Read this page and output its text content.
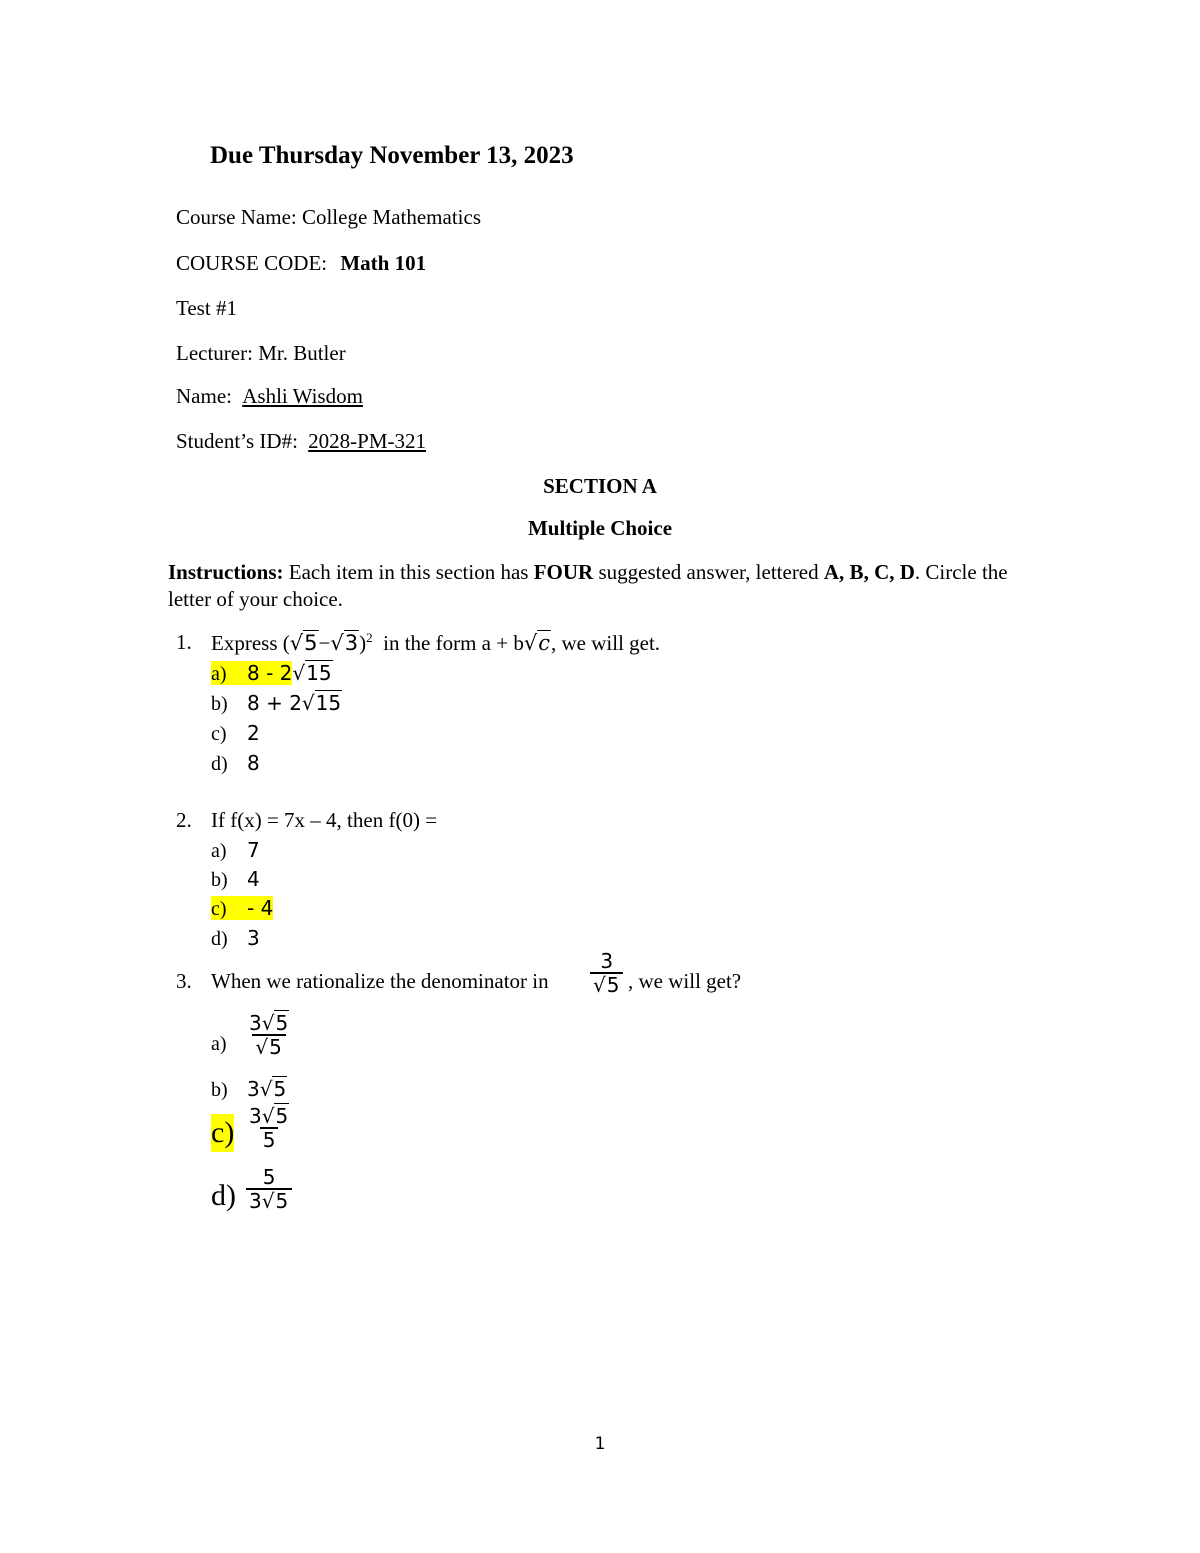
Due Thursday November 13, 2023
Course Name: College Mathematics
COURSE CODE: Math 101
Test #1
Lecturer: Mr. Butler
Name: Ashli Wisdom
Student’s ID#: 2028-PM-321
SECTION A
Multiple Choice
Instructions: Each item in this section has FOUR suggested answer, lettered A, B, C, D. Circle the letter of your choice.
1. Express $(√5-√3)^2$  in the form a + b√c, we will get.
a) 8 - 2√15
b) 8 + 2√15
c) 2
d) 8
2. If f(x) = 7x – 4, then f(0) =
a) 7
b) 4
c) - 4
d) 3
3. When we rationalize the denominator in $\frac{3}{√5}$ , we will get?
$a) \frac{3√5}{√5}$
b) 3√5
$c) \frac{3√5}{5}$
$d) \frac{5}{3√5}$
1
